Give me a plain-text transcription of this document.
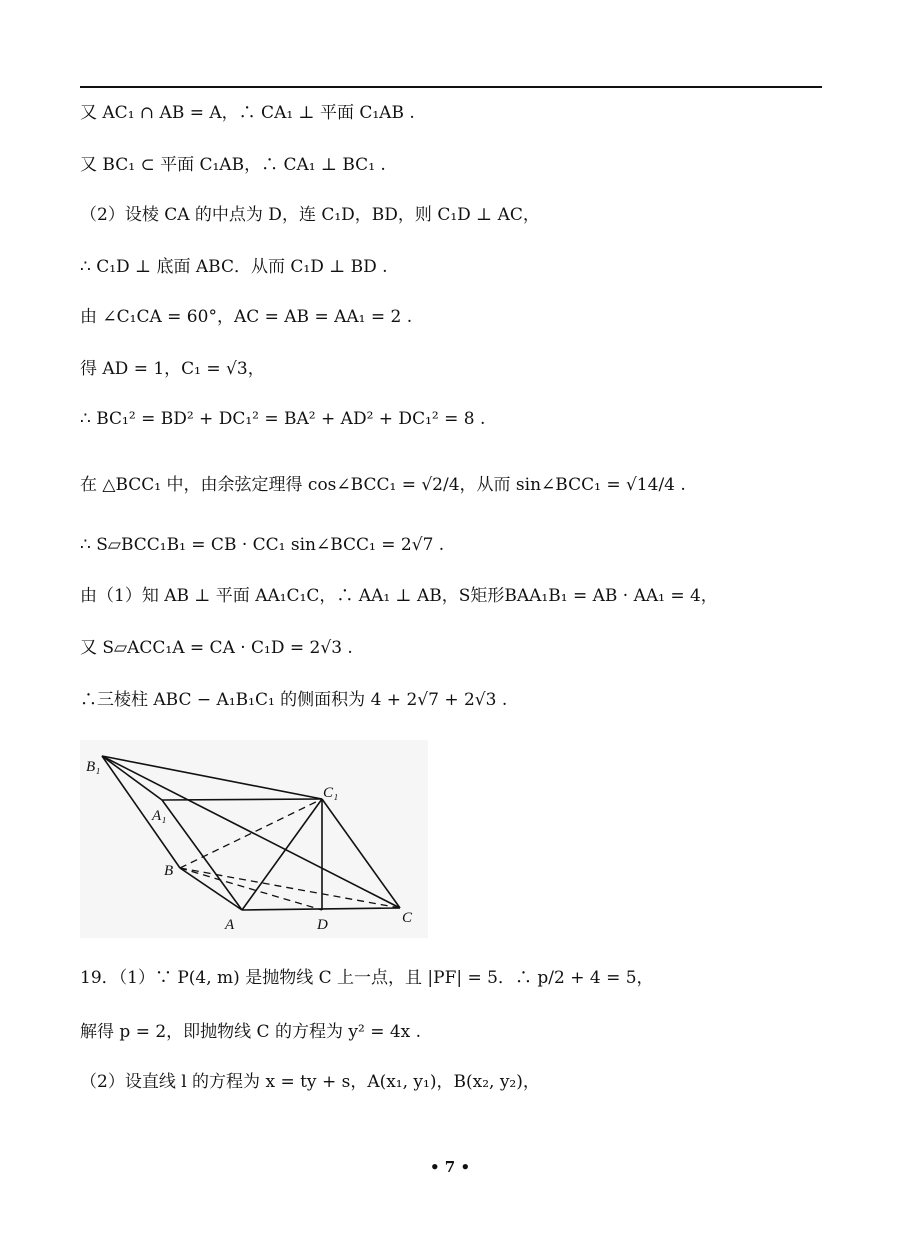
又 AC₁ ∩ AB = A，∴ CA₁ ⊥ 平面 C₁AB .
又 BC₁ ⊂ 平面 C₁AB，∴ CA₁ ⊥ BC₁ .
（2）设棱 CA 的中点为 D，连 C₁D，BD，则 C₁D ⊥ AC，
∴ C₁D ⊥ 底面 ABC．从而 C₁D ⊥ BD .
由 ∠C₁CA = 60°，AC = AB = AA₁ = 2 .
得 AD = 1，C₁ = √3，
∴ BC₁² = BD² + DC₁² = BA² + AD² + DC₁² = 8 .
在 △BCC₁ 中，由余弦定理得 cos∠BCC₁ = √2/4，从而 sin∠BCC₁ = √14/4 .
∴ S▱BCC₁B₁ = CB · CC₁ sin∠BCC₁ = 2√7 .
由（1）知 AB ⊥ 平面 AA₁C₁C，∴ AA₁ ⊥ AB，S矩形BAA₁B₁ = AB · AA₁ = 4，
又 S▱ACC₁A = CA · C₁D = 2√3 .
∴三棱柱 ABC − A₁B₁C₁ 的侧面积为 4 + 2√7 + 2√3 .
B₁
A₁
C₁
B
A	D	C
19．（1）∵ P(4, m) 是抛物线 C 上一点，且 |PF| = 5．∴ p/2 + 4 = 5，
解得 p = 2，即抛物线 C 的方程为 y² = 4x .
（2）设直线 l 的方程为 x = ty + s，A(x₁, y₁)，B(x₂, y₂)，
• 7 •
